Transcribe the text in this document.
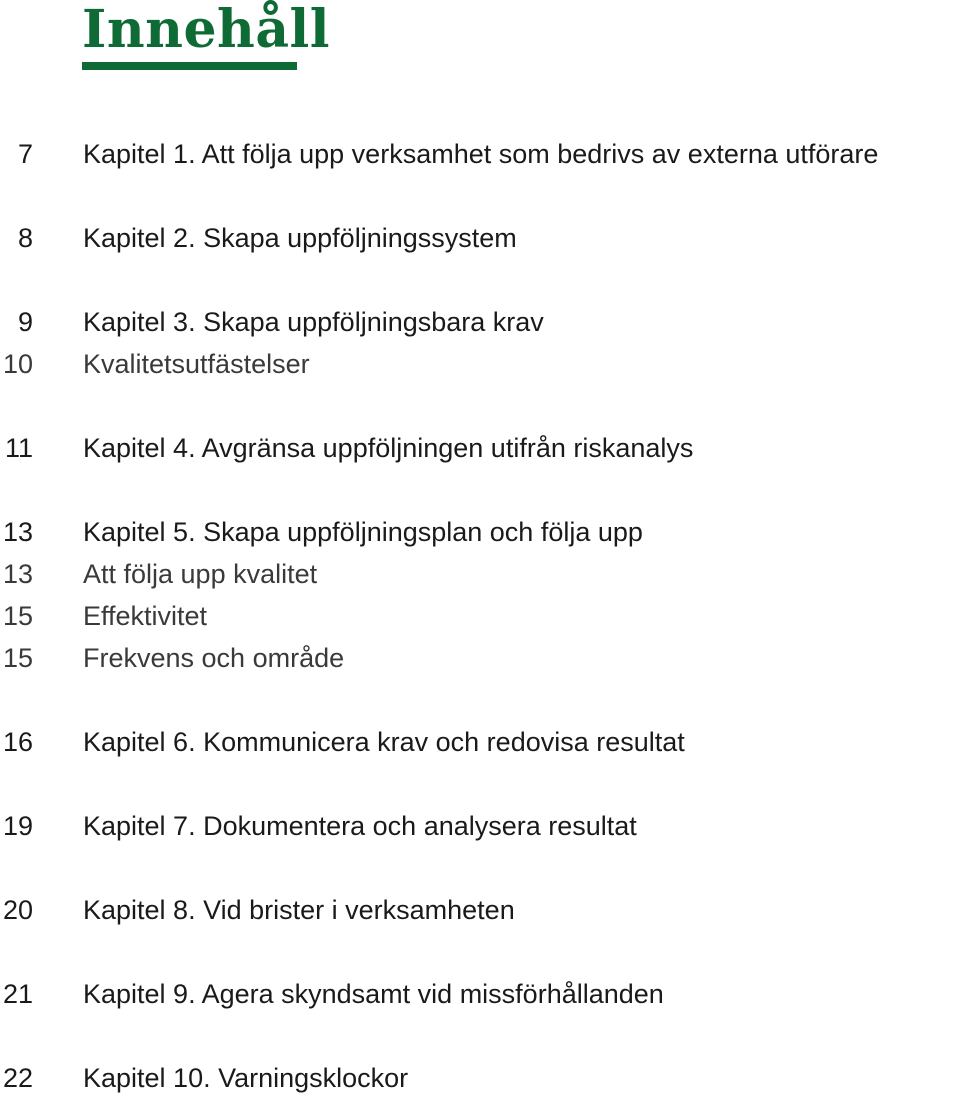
Innehåll
7 Kapitel 1. Att följa upp verksamhet som bedrivs av externa utförare
8 Kapitel 2. Skapa uppföljningssystem
9 Kapitel 3. Skapa uppföljningsbara krav
10 Kvalitetsutfästelser
11 Kapitel 4. Avgränsa uppföljningen utifrån riskanalys
13 Kapitel 5. Skapa uppföljningsplan och följa upp
13 Att följa upp kvalitet
15 Effektivitet
15 Frekvens och område
16 Kapitel 6. Kommunicera krav och redovisa resultat
19 Kapitel 7. Dokumentera och analysera resultat
20 Kapitel 8. Vid brister i verksamheten
21 Kapitel 9. Agera skyndsamt vid missförhållanden
22 Kapitel 10. Varningsklockor
